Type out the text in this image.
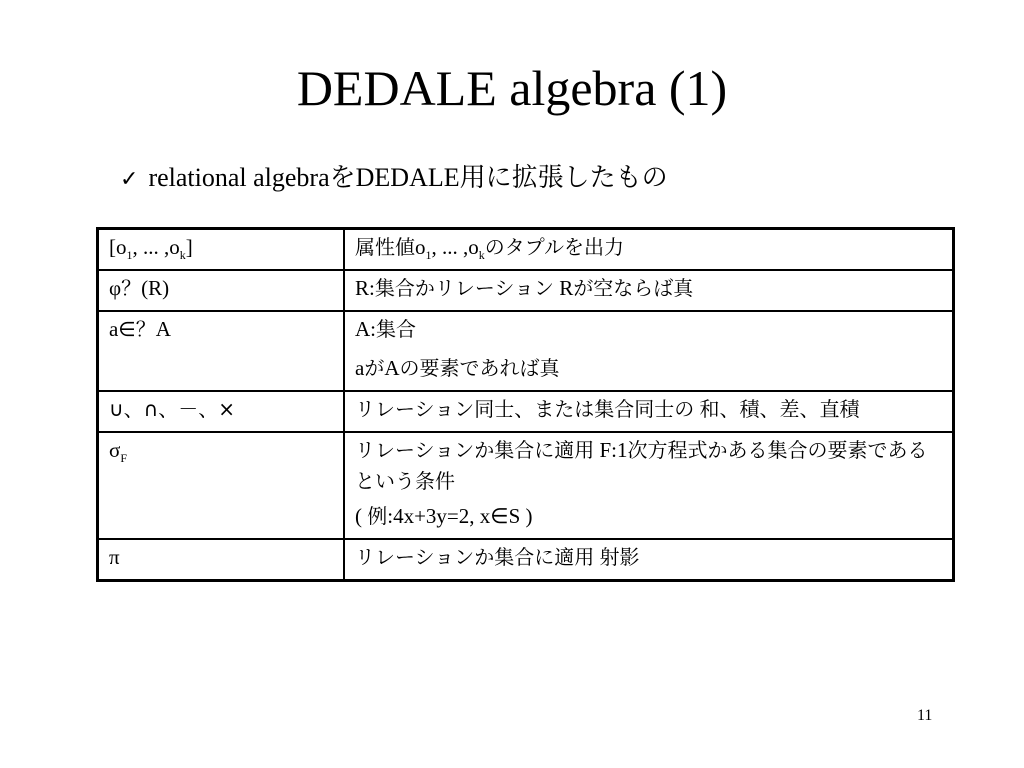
DEDALE algebra (1)
✓ relational algebraをDEDALE用に拡張したもの
[$o_1$, ... $,o_k$]	属性値$o_1$, ... $,o_k$のタプルを出力

φ？(R)	R:集合かリレーション Rが空ならば真

a∈？A	A:集合
aがAの要素であれば真

∪、∩、－、×	リレーション同士、または集合同士の 和、積、差、直積

$\sigma_F$	リレーションか集合に適用 F:1次方程式かある集合の要素であるという条件
( 例:4x+3y=2, x∈S )

π	リレーションか集合に適用 射影
11
